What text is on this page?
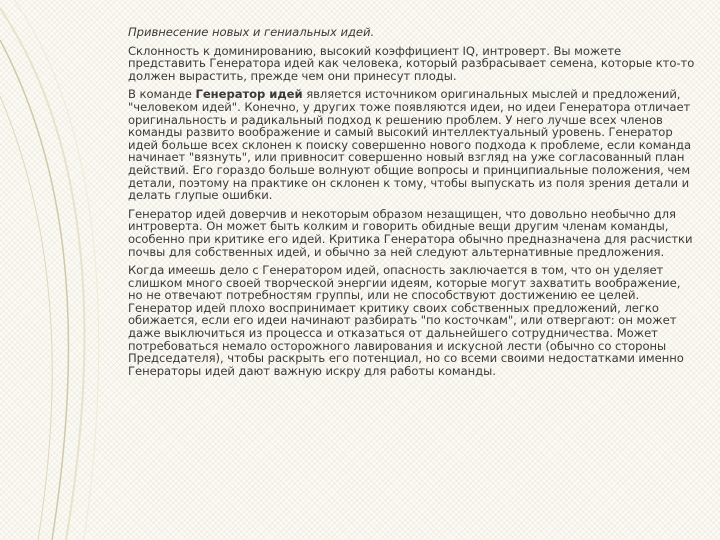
Привнесение новых и гениальных идей.

Склонность к доминированию, высокий коэффициент IQ, интроверт. Вы можете представить Генератора идей как человека, который разбрасывает семена, которые кто-то должен вырастить, прежде чем они принесут плоды.

В команде Генератор идей является источником оригинальных мыслей и предложений, "человеком идей". Конечно, у других тоже появляются идеи, но идеи Генератора отличает оригинальность и радикальный подход к решению проблем. У него лучше всех членов команды развито воображение и самый высокий интеллектуальный уровень. Генератор идей больше всех склонен к поиску совершенно нового подхода к проблеме, если команда начинает "вязнуть", или привносит совершенно новый взгляд на уже согласованный план действий. Его гораздо больше волнуют общие вопросы и принципиальные положения, чем детали, поэтому на практике он склонен к тому, чтобы выпускать из поля зрения детали и делать глупые ошибки.

Генератор идей доверчив и некоторым образом незащищен, что довольно необычно для интроверта. Он может быть колким и говорить обидные вещи другим членам команды, особенно при критике его идей. Критика Генератора обычно предназначена для расчистки почвы для собственных идей, и обычно за ней следуют альтернативные предложения.

Когда имеешь дело с Генератором идей, опасность заключается в том, что он уделяет слишком много своей творческой энергии идеям, которые могут захватить воображение, но не отвечают потребностям группы, или не способствуют достижению ее целей. Генератор идей плохо воспринимает критику своих собственных предложений, легко обижается, если его идеи начинают разбирать "по косточкам", или отвергают: он может даже выключиться из процесса и отказаться от дальнейшего сотрудничества. Может потребоваться немало осторожного лавирования и искусной лести (обычно со стороны Председателя), чтобы раскрыть его потенциал, но со всеми своими недостатками именно Генераторы идей дают важную искру для работы команды.
